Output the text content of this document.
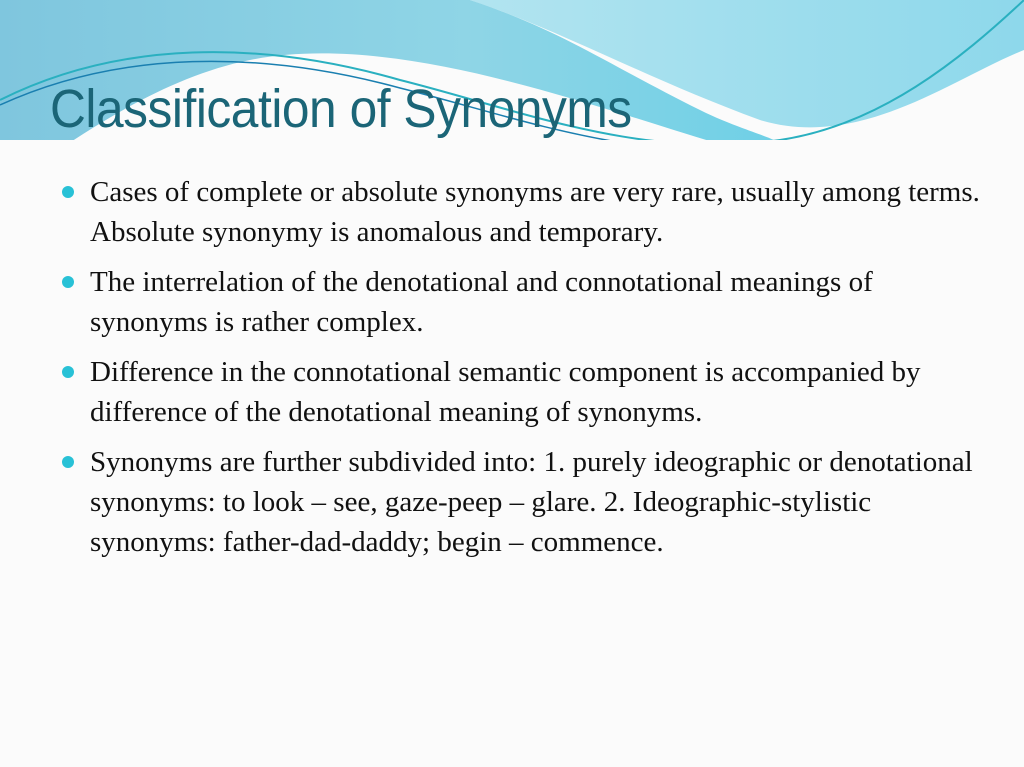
Classification of Synonyms
Cases of complete or absolute synonyms are very rare, usually among terms. Absolute synonymy is anomalous and temporary.
The interrelation of the denotational and connotational meanings of synonyms is rather complex.
Difference in the connotational semantic component is accompanied by difference of the denotational meaning of synonyms.
Synonyms are further subdivided into: 1. purely ideographic or denotational synonyms: to look – see, gaze-peep – glare. 2. Ideographic-stylistic synonyms: father-dad-daddy; begin – commence.
